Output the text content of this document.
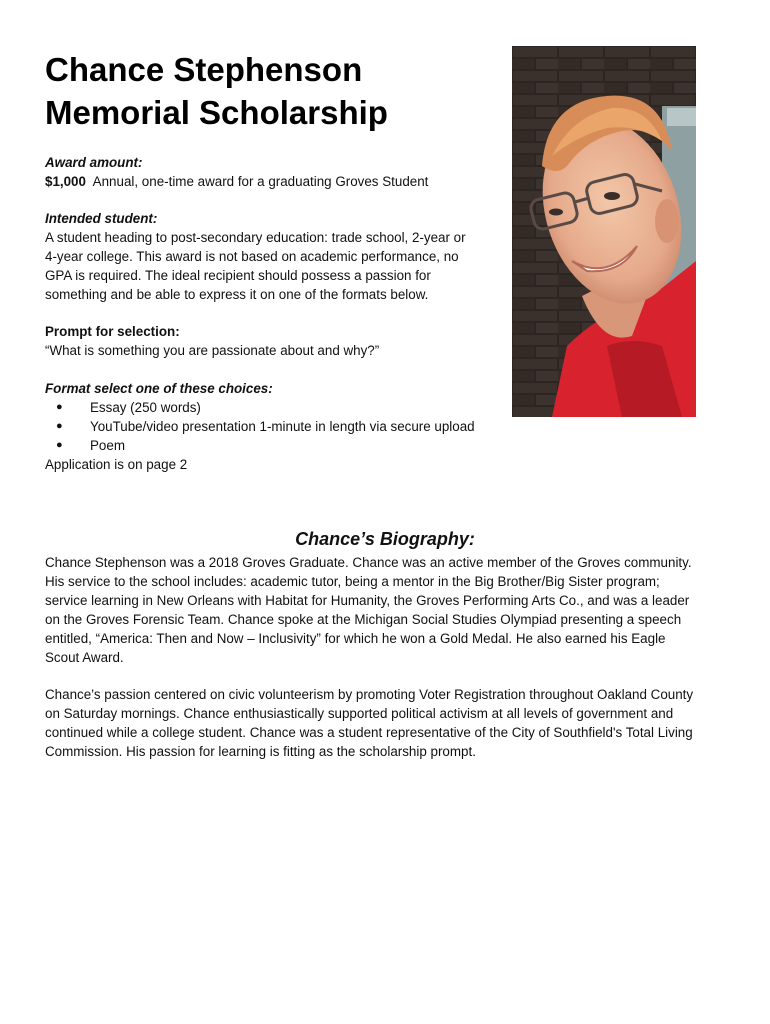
Chance Stephenson
Memorial Scholarship
Award amount:
$1,000 Annual, one-time award for a graduating Groves Student
Intended student:
A student heading to post-secondary education: trade school, 2-year or
4-year college. This award is not based on academic performance, no
GPA is required. The ideal recipient should possess a passion for
something and be able to express it on one of the formats below.
Prompt for selection:
“What is something you are passionate about and why?”
Format select one of these choices:
● Essay (250 words)
● YouTube/video presentation 1-minute in length via secure upload
● Poem
Application is on page 2
Chance’s Biography:
Chance Stephenson was a 2018 Groves Graduate. Chance was an active member of the Groves community.
His service to the school includes: academic tutor, being a mentor in the Big Brother/Big Sister program;
service learning in New Orleans with Habitat for Humanity, the Groves Performing Arts Co., and was a leader
on the Groves Forensic Team. Chance spoke at the Michigan Social Studies Olympiad presenting a speech
entitled, “America: Then and Now – Inclusivity” for which he won a Gold Medal. He also earned his Eagle
Scout Award.
Chance’s passion centered on civic volunteerism by promoting Voter Registration throughout Oakland County
on Saturday mornings. Chance enthusiastically supported political activism at all levels of government and
continued while a college student. Chance was a student representative of the City of Southfield's Total Living
Commission. His passion for learning is fitting as the scholarship prompt.
